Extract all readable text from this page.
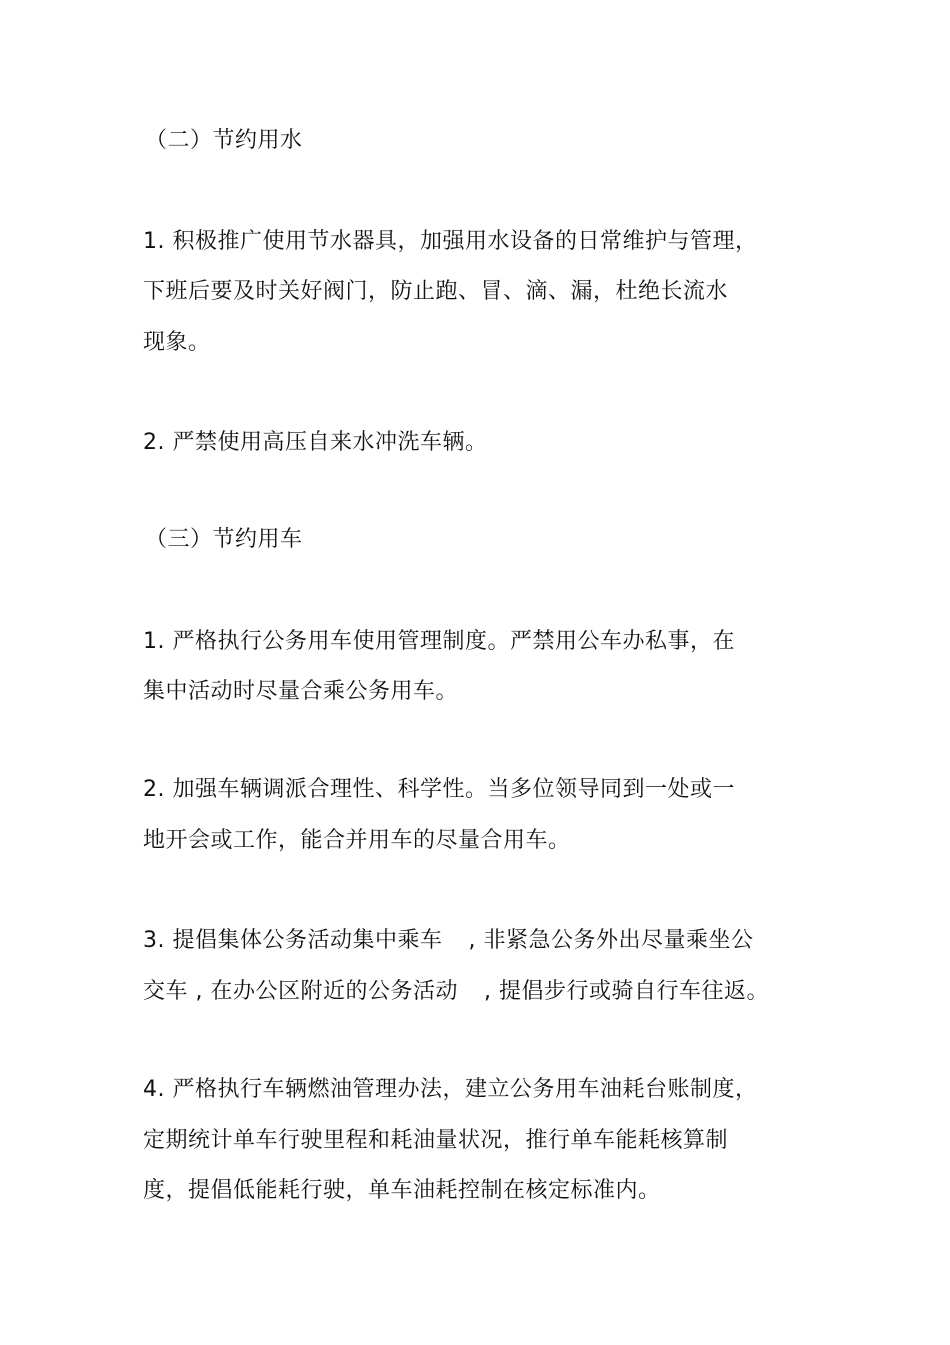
（二）节约用水
1. 积极推广使用节水器具，加强用水设备的日常维护与管理，
下班后要及时关好阀门，防止跑、冒、滴、漏，杜绝长流水
现象。
2. 严禁使用高压自来水冲洗车辆。
（三）节约用车
1. 严格执行公务用车使用管理制度。严禁用公车办私事，在
集中活动时尽量合乘公务用车。
2. 加强车辆调派合理性、科学性。当多位领导同到一处或一
地开会或工作，能合并用车的尽量合用车。
3. 提倡集体公务活动集中乘车 , 非紧急公务外出尽量乘坐公
交车 , 在办公区附近的公务活动 , 提倡步行或骑自行车往返。
4. 严格执行车辆燃油管理办法，建立公务用车油耗台账制度，
定期统计单车行驶里程和耗油量状况，推行单车能耗核算制
度，提倡低能耗行驶，单车油耗控制在核定标准内。
